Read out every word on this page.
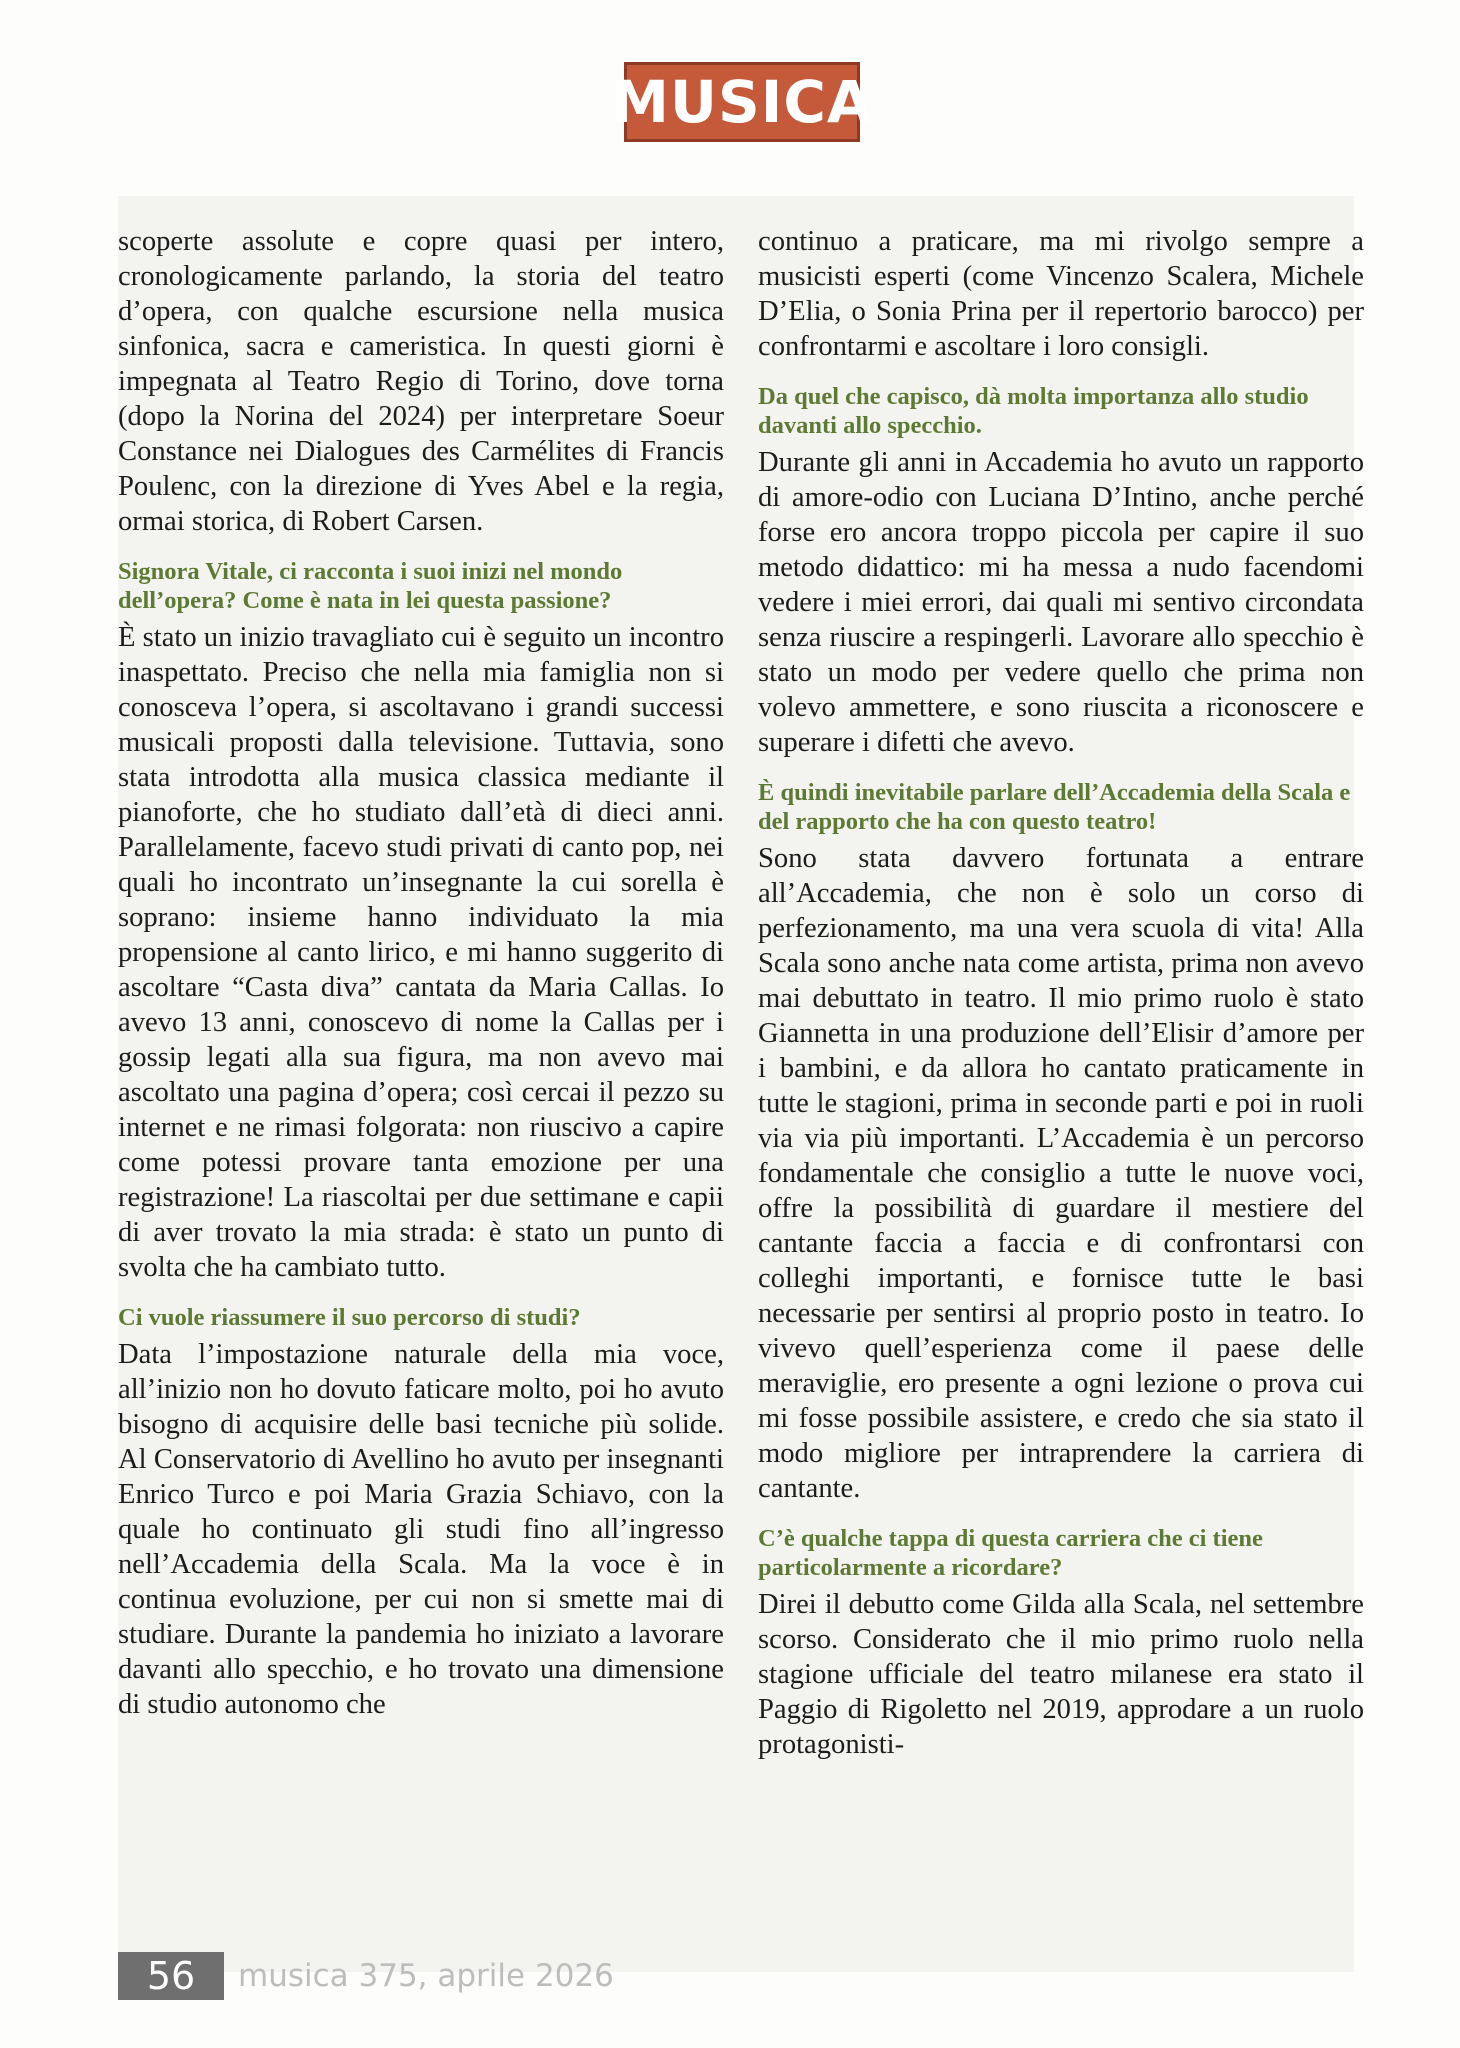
MUSICA

scoperte assolute e copre quasi per intero, cronologicamente parlando, la storia del teatro d’opera, con qualche escursione nella musica sinfonica, sacra e cameristica. In questi giorni è impegnata al Teatro Regio di Torino, dove torna (dopo la Norina del 2024) per interpretare Soeur Constance nei Dialogues des Carmélites di Francis Poulenc, con la direzione di Yves Abel e la regia, ormai storica, di Robert Carsen.

Signora Vitale, ci racconta i suoi inizi nel mondo dell’opera? Come è nata in lei questa passione?

È stato un inizio travagliato cui è seguito un incontro inaspettato. Preciso che nella mia famiglia non si conosceva l’opera, si ascoltavano i grandi successi musicali proposti dalla televisione. Tuttavia, sono stata introdotta alla musica classica mediante il pianoforte, che ho studiato dall’età di dieci anni. Parallelamente, facevo studi privati di canto pop, nei quali ho incontrato un’insegnante la cui sorella è soprano: insieme hanno individuato la mia propensione al canto lirico, e mi hanno suggerito di ascoltare “Casta diva” cantata da Maria Callas. Io avevo 13 anni, conoscevo di nome la Callas per i gossip legati alla sua figura, ma non avevo mai ascoltato una pagina d’opera; così cercai il pezzo su internet e ne rimasi folgorata: non riuscivo a capire come potessi provare tanta emozione per una registrazione! La riascoltai per due settimane e capii di aver trovato la mia strada: è stato un punto di svolta che ha cambiato tutto.

Ci vuole riassumere il suo percorso di studi?

Data l’impostazione naturale della mia voce, all’inizio non ho dovuto faticare molto, poi ho avuto bisogno di acquisire delle basi tecniche più solide. Al Conservatorio di Avellino ho avuto per insegnanti Enrico Turco e poi Maria Grazia Schiavo, con la quale ho continuato gli studi fino all’ingresso nell’Accademia della Scala. Ma la voce è in continua evoluzione, per cui non si smette mai di studiare. Durante la pandemia ho iniziato a lavorare davanti allo specchio, e ho trovato una dimensione di studio autonomo che

continuo a praticare, ma mi rivolgo sempre a musicisti esperti (come Vincenzo Scalera, Michele D’Elia, o Sonia Prina per il repertorio barocco) per confrontarmi e ascoltare i loro consigli.

Da quel che capisco, dà molta importanza allo studio davanti allo specchio.

Durante gli anni in Accademia ho avuto un rapporto di amore-odio con Luciana D’Intino, anche perché forse ero ancora troppo piccola per capire il suo metodo didattico: mi ha messa a nudo facendomi vedere i miei errori, dai quali mi sentivo circondata senza riuscire a respingerli. Lavorare allo specchio è stato un modo per vedere quello che prima non volevo ammettere, e sono riuscita a riconoscere e superare i difetti che avevo.

È quindi inevitabile parlare dell’Accademia della Scala e del rapporto che ha con questo teatro!

Sono stata davvero fortunata a entrare all’Accademia, che non è solo un corso di perfezionamento, ma una vera scuola di vita! Alla Scala sono anche nata come artista, prima non avevo mai debuttato in teatro. Il mio primo ruolo è stato Giannetta in una produzione dell’Elisir d’amore per i bambini, e da allora ho cantato praticamente in tutte le stagioni, prima in seconde parti e poi in ruoli via via più importanti. L’Accademia è un percorso fondamentale che consiglio a tutte le nuove voci, offre la possibilità di guardare il mestiere del cantante faccia a faccia e di confrontarsi con colleghi importanti, e fornisce tutte le basi necessarie per sentirsi al proprio posto in teatro. Io vivevo quell’esperienza come il paese delle meraviglie, ero presente a ogni lezione o prova cui mi fosse possibile assistere, e credo che sia stato il modo migliore per intraprendere la carriera di cantante.

C’è qualche tappa di questa carriera che ci tiene particolarmente a ricordare?

Direi il debutto come Gilda alla Scala, nel settembre scorso. Considerato che il mio primo ruolo nella stagione ufficiale del teatro milanese era stato il Paggio di Rigoletto nel 2019, approdare a un ruolo protagonisti-

56 musica 375, aprile 2026
